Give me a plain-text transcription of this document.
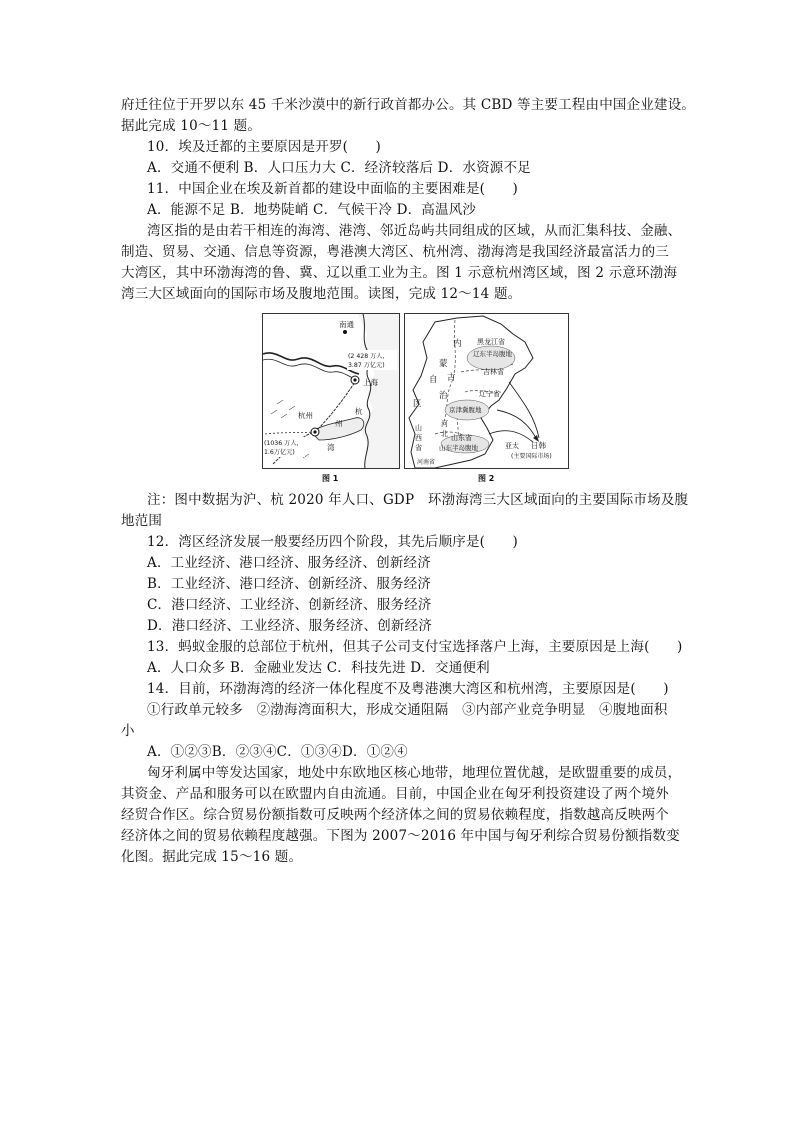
府迁往位于开罗以东 45 千米沙漠中的新行政首都办公。其 CBD 等主要工程由中国企业建设。
据此完成 10～11 题。
10．埃及迁都的主要原因是开罗(　　)
A．交通不便利 B．人口压力大 C．经济较落后 D．水资源不足
11．中国企业在埃及新首都的建设中面临的主要困难是(　　)
A．能源不足 B．地势陡峭 C．气候干冷 D．高温风沙
湾区指的是由若干相连的海湾、港湾、邻近岛屿共同组成的区域，从而汇集科技、金融、
制造、贸易、交通、信息等资源，粤港澳大湾区、杭州湾、渤海湾是我国经济最富活力的三
大湾区，其中环渤海湾的鲁、冀、辽以重工业为主。图 1 示意杭州湾区域，图 2 示意环渤海
湾三大区域面向的国际市场及腹地范围。读图，完成 12～14 题。
南通
(2 428 万人，
3.87 万亿元)
上海
杭州
(1036 万人，
1.6万亿元)
杭
州
湾
内
蒙
古
自
治
区
黑龙江省
辽东半岛腹地
吉林省
辽宁省
京津冀腹地
河
北
山
西
省
山东省
山东半岛腹地
河南省
日韩
(主要国际市场)
亚太
图 1	图 2
注：图中数据为沪、杭 2020 年人口、GDP　环渤海湾三大区域面向的主要国际市场及腹
地范围
12．湾区经济发展一般要经历四个阶段，其先后顺序是(　　)
A．工业经济、港口经济、服务经济、创新经济
B．工业经济、港口经济、创新经济、服务经济
C．港口经济、工业经济、创新经济、服务经济
D．港口经济、工业经济、服务经济、创新经济
13．蚂蚁金服的总部位于杭州，但其子公司支付宝选择落户上海，主要原因是上海(　　)
A．人口众多 B．金融业发达 C．科技先进 D．交通便利
14．目前，环渤海湾的经济一体化程度不及粤港澳大湾区和杭州湾，主要原因是(　　)
①行政单元较多　②渤海湾面积大，形成交通阻隔　③内部产业竞争明显　④腹地面积
小
A．①②③B．②③④C．①③④D．①②④
匈牙利属中等发达国家，地处中东欧地区核心地带，地理位置优越，是欧盟重要的成员，
其资金、产品和服务可以在欧盟内自由流通。目前，中国企业在匈牙利投资建设了两个境外
经贸合作区。综合贸易份额指数可反映两个经济体之间的贸易依赖程度，指数越高反映两个
经济体之间的贸易依赖程度越强。下图为 2007～2016 年中国与匈牙利综合贸易份额指数变
化图。据此完成 15～16 题。
